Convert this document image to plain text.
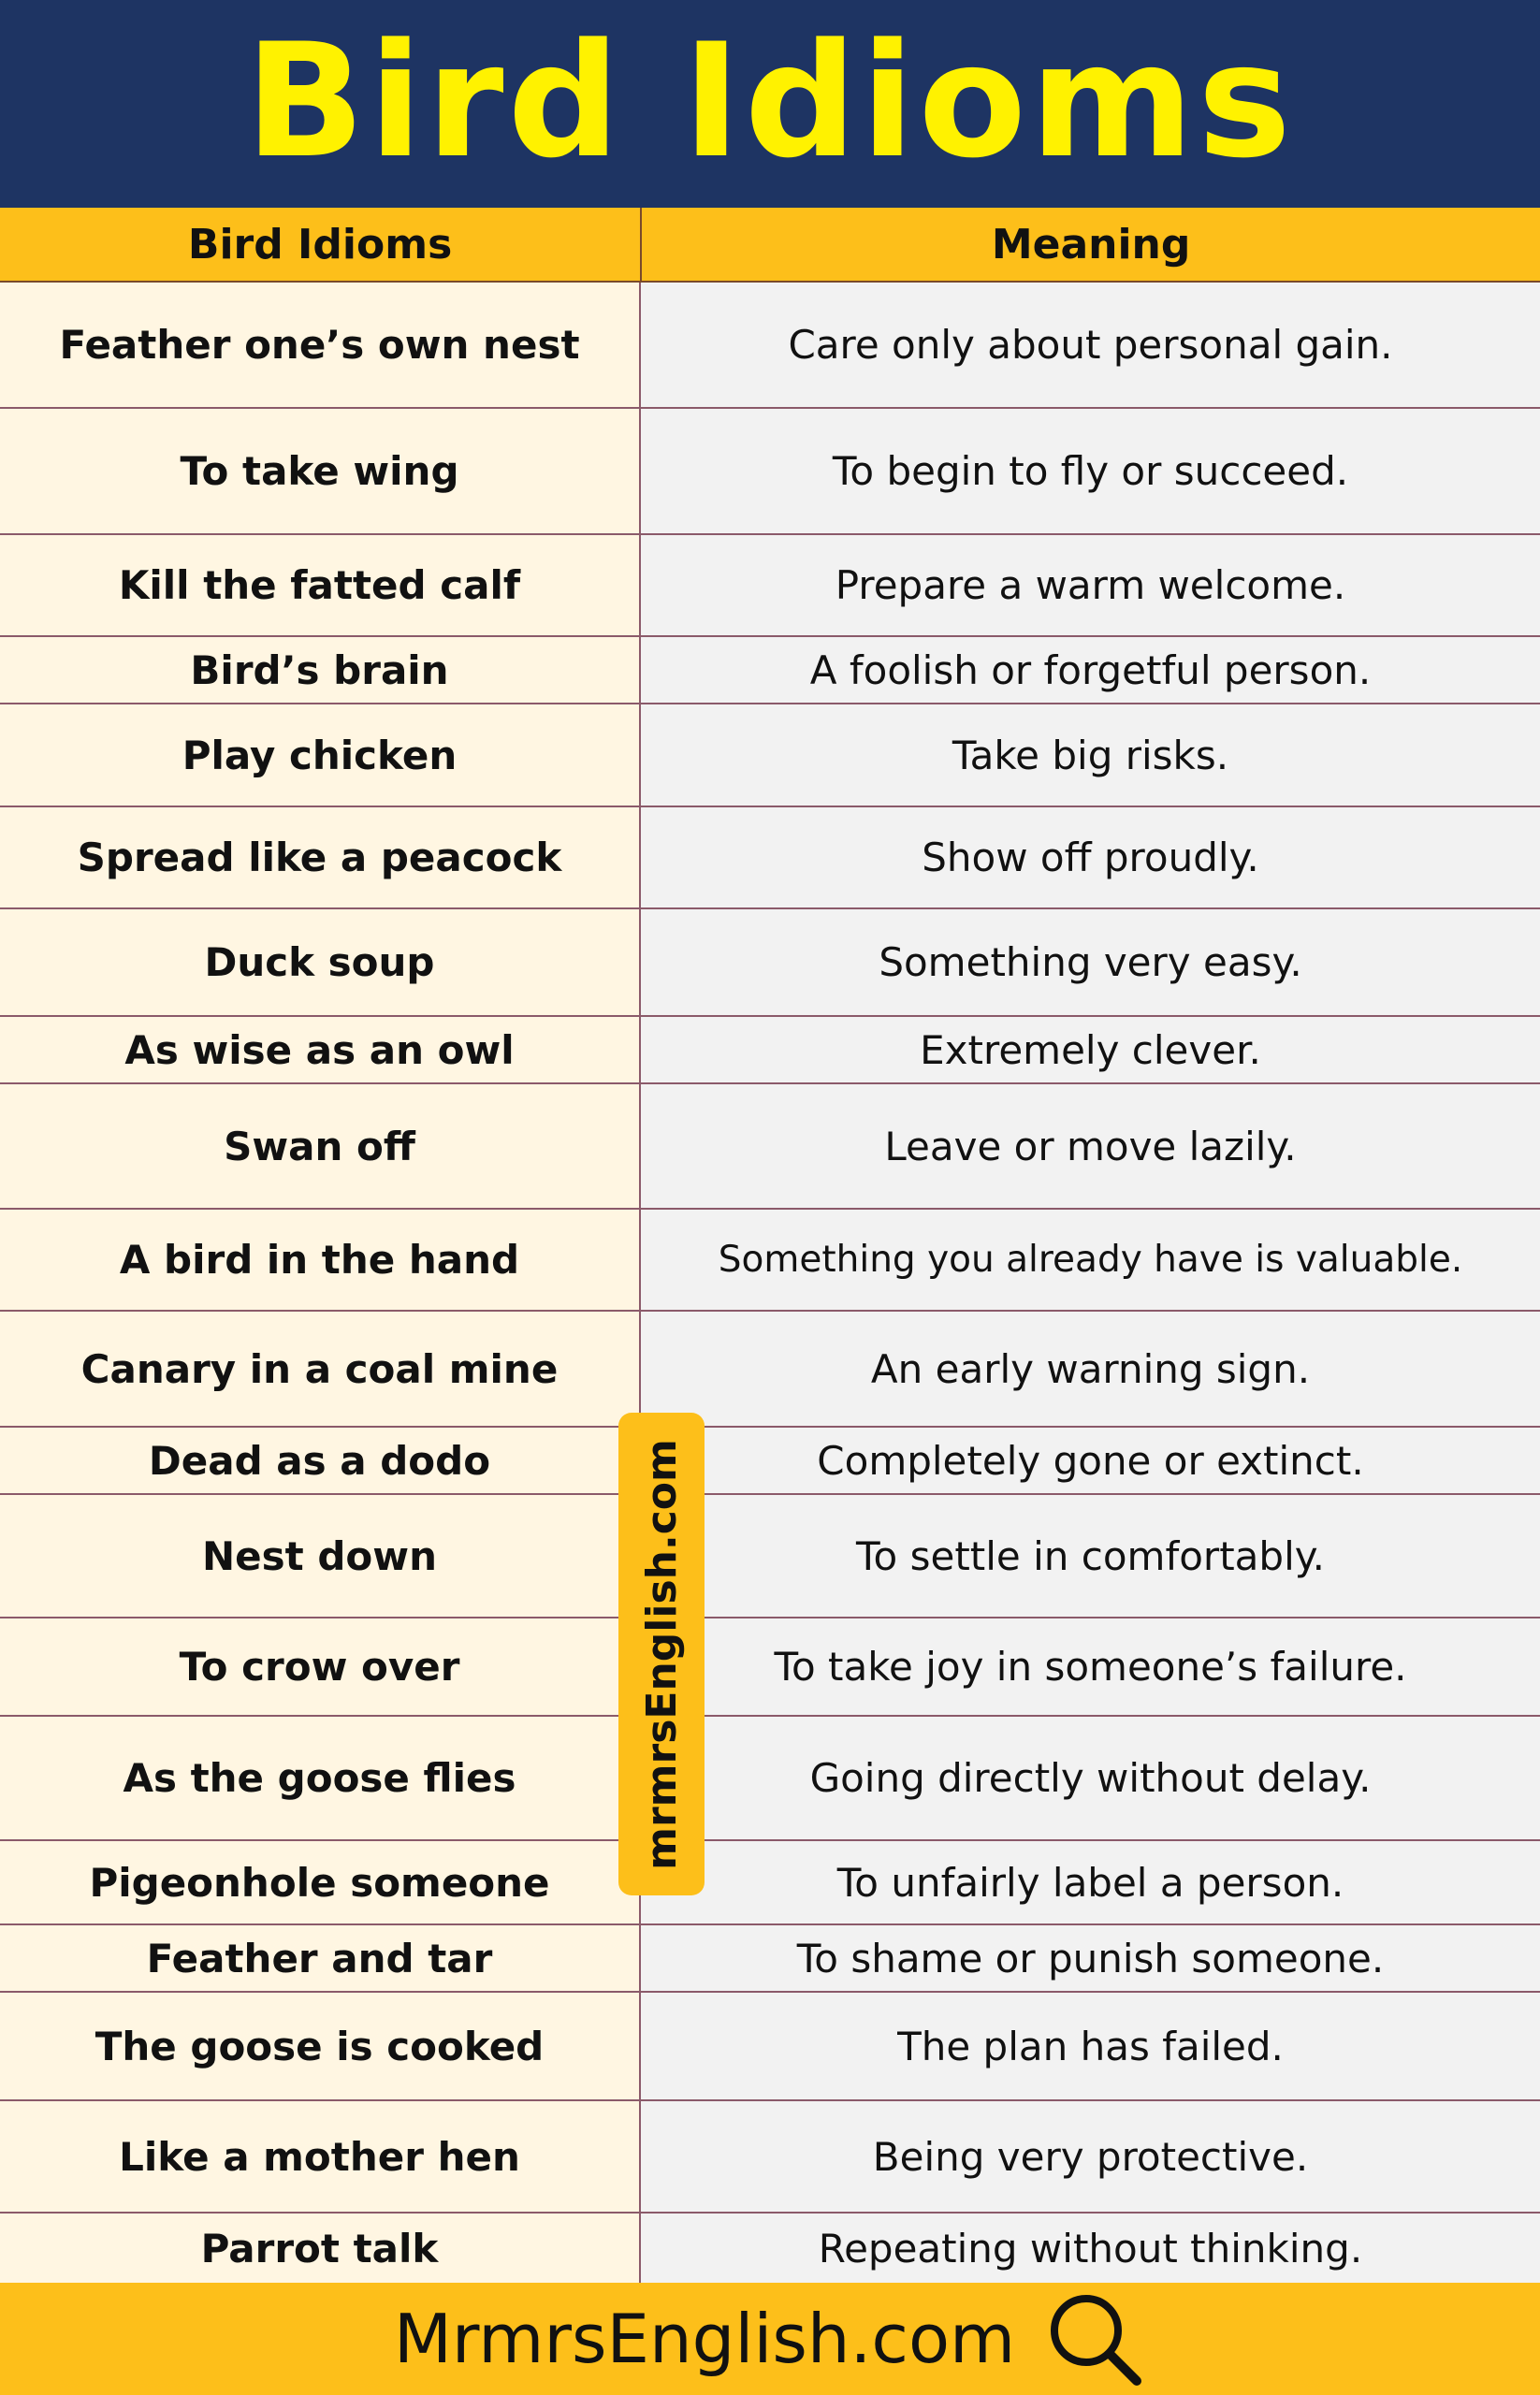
Bird Idioms
Bird Idioms	Meaning
Feather one’s own nest	Care only about personal gain.
To take wing	To begin to fly or succeed.
Kill the fatted calf	Prepare a warm welcome.
Bird’s brain	A foolish or forgetful person.
Play chicken	Take big risks.
Spread like a peacock	Show off proudly.
Duck soup	Something very easy.
As wise as an owl	Extremely clever.
Swan off	Leave or move lazily.
A bird in the hand	Something you already have is valuable.
Canary in a coal mine	An early warning sign.
Dead as a dodo	Completely gone or extinct.
Nest down	To settle in comfortably.
To crow over	To take joy in someone’s failure.
As the goose flies	Going directly without delay.
Pigeonhole someone	To unfairly label a person.
Feather and tar	To shame or punish someone.
The goose is cooked	The plan has failed.
Like a mother hen	Being very protective.
Parrot talk	Repeating without thinking.
mrmrsEnglish.com
MrmrsEnglish.com
